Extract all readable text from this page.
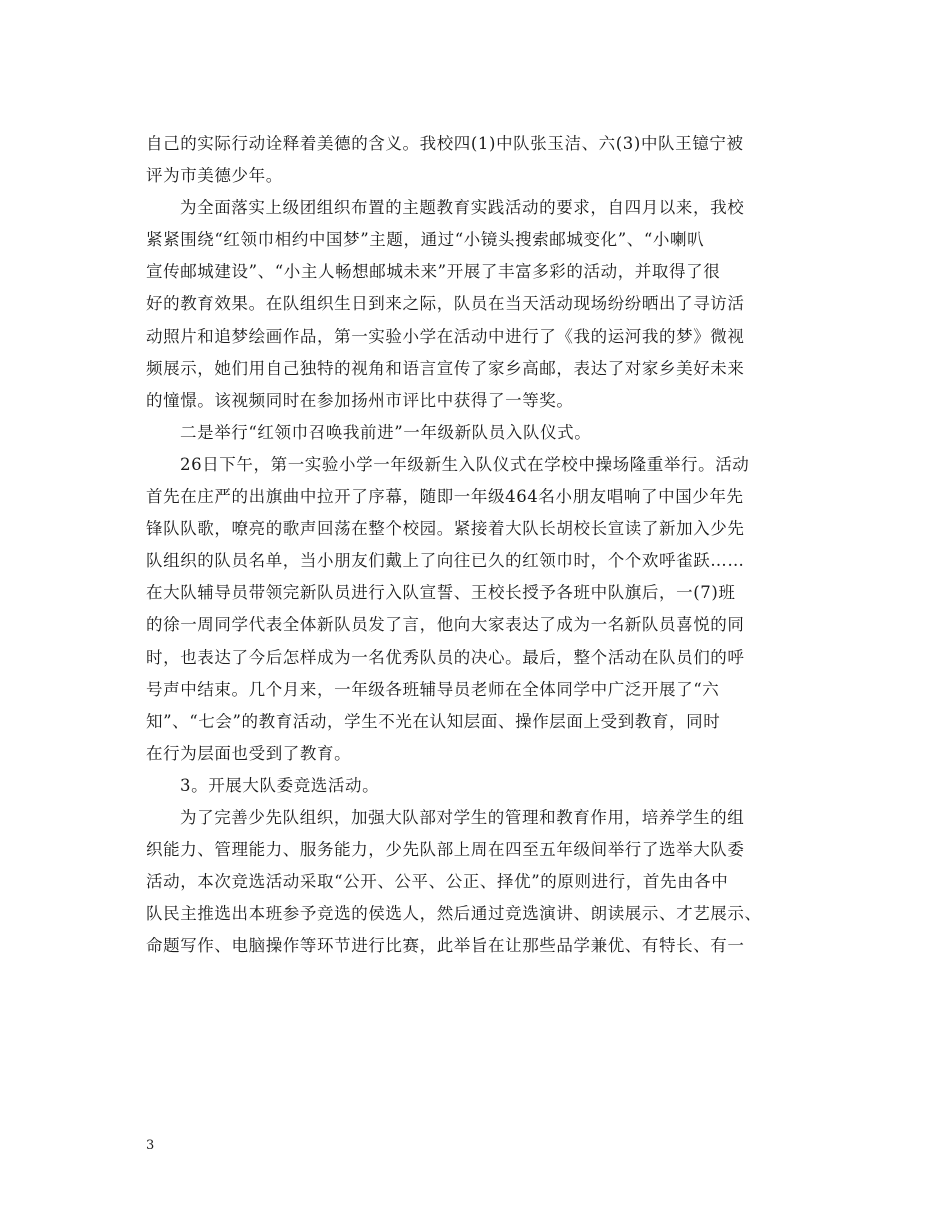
自己的实际行动诠释着美德的含义。我校四(1)中队张玉洁、六(3)中队王镱宁被
评为市美德少年。
为全面落实上级团组织布置的主题教育实践活动的要求，自四月以来，我校
紧紧围绕“红领巾相约中国梦”主题，通过“小镜头搜索邮城变化”、“小喇叭
宣传邮城建设”、“小主人畅想邮城未来”开展了丰富多彩的活动，并取得了很
好的教育效果。在队组织生日到来之际，队员在当天活动现场纷纷晒出了寻访活
动照片和追梦绘画作品，第一实验小学在活动中进行了《我的运河我的梦》微视
频展示，她们用自己独特的视角和语言宣传了家乡高邮，表达了对家乡美好未来
的憧憬。该视频同时在参加扬州市评比中获得了一等奖。
二是举行“红领巾召唤我前进”一年级新队员入队仪式。
26日下午，第一实验小学一年级新生入队仪式在学校中操场隆重举行。活动
首先在庄严的出旗曲中拉开了序幕，随即一年级464名小朋友唱响了中国少年先
锋队队歌，嘹亮的歌声回荡在整个校园。紧接着大队长胡校长宣读了新加入少先
队组织的队员名单，当小朋友们戴上了向往已久的红领巾时，个个欢呼雀跃……
在大队辅导员带领完新队员进行入队宣誓、王校长授予各班中队旗后，一(7)班
的徐一周同学代表全体新队员发了言，他向大家表达了成为一名新队员喜悦的同
时，也表达了今后怎样成为一名优秀队员的决心。最后，整个活动在队员们的呼
号声中结束。几个月来，一年级各班辅导员老师在全体同学中广泛开展了“六
知”、“七会”的教育活动，学生不光在认知层面、操作层面上受到教育，同时
在行为层面也受到了教育。
3。开展大队委竞选活动。
为了完善少先队组织，加强大队部对学生的管理和教育作用，培养学生的组
织能力、管理能力、服务能力，少先队部上周在四至五年级间举行了选举大队委
活动，本次竞选活动采取“公开、公平、公正、择优”的原则进行，首先由各中
队民主推选出本班参予竞选的侯选人，然后通过竞选演讲、朗读展示、才艺展示、
命题写作、电脑操作等环节进行比赛，此举旨在让那些品学兼优、有特长、有一
3
